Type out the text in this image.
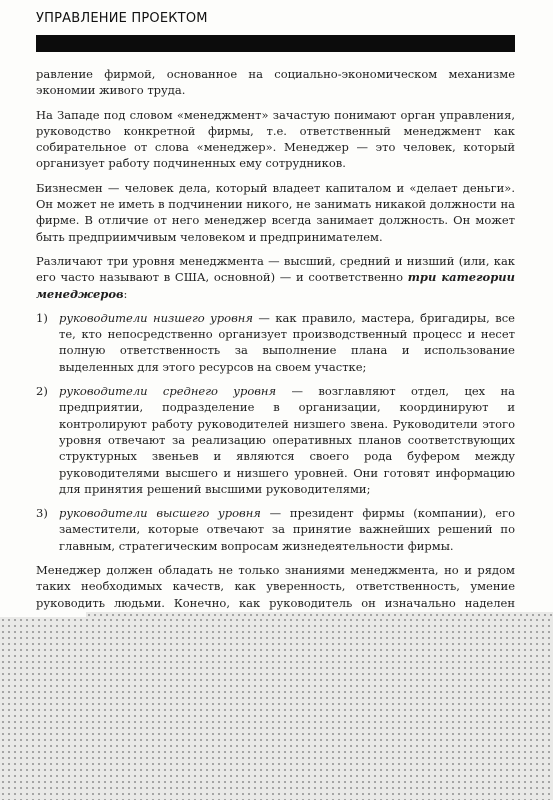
УПРАВЛЕНИЕ ПРОЕКТОМ

равление фирмой, основанное на социально-экономическом механизме экономии живого труда.

На Западе под словом «менеджмент» зачастую понимают орган управления, руководство конкретной фирмы, т.е. ответственный менеджмент как собирательное от слова «менеджер». Менеджер — это человек, который организует работу подчиненных ему сотрудников.

Бизнесмен — человек дела, который владеет капиталом и «делает деньги». Он может не иметь в подчинении никого, не занимать никакой должности на фирме. В отличие от него менеджер всегда занимает должность. Он может быть предприимчивым человеком и предпринимателем.

Различают три уровня менеджмента — высший, средний и низший (или, как его часто называют в США, основной) — и соответственно три категории менеджеров:

1) руководители низшего уровня — как правило, мастера, бригадиры, все те, кто непосредственно организует производственный процесс и несет полную ответственность за выполнение плана и использование выделенных для этого ресурсов на своем участке;
2) руководители среднего уровня — возглавляют отдел, цех на предприятии, подразделение в организации, координируют и контролируют работу руководителей низшего звена. Руководители этого уровня отвечают за реализацию оперативных планов соответствующих структурных звеньев и являются своего рода буфером между руководителями высшего и низшего уровней. Они готовят информацию для принятия решений высшими руководителями;
3) руководители высшего уровня — президент фирмы (компании), его заместители, которые отвечают за принятие важнейших решений по главным, стратегическим вопросам жизнедеятельности фирмы.

Менеджер должен обладать не только знаниями менеджмента, но и рядом таких необходимых качеств, как уверенность, ответственность, умение руководить людьми. Конечно, как руководитель он изначально наделен
